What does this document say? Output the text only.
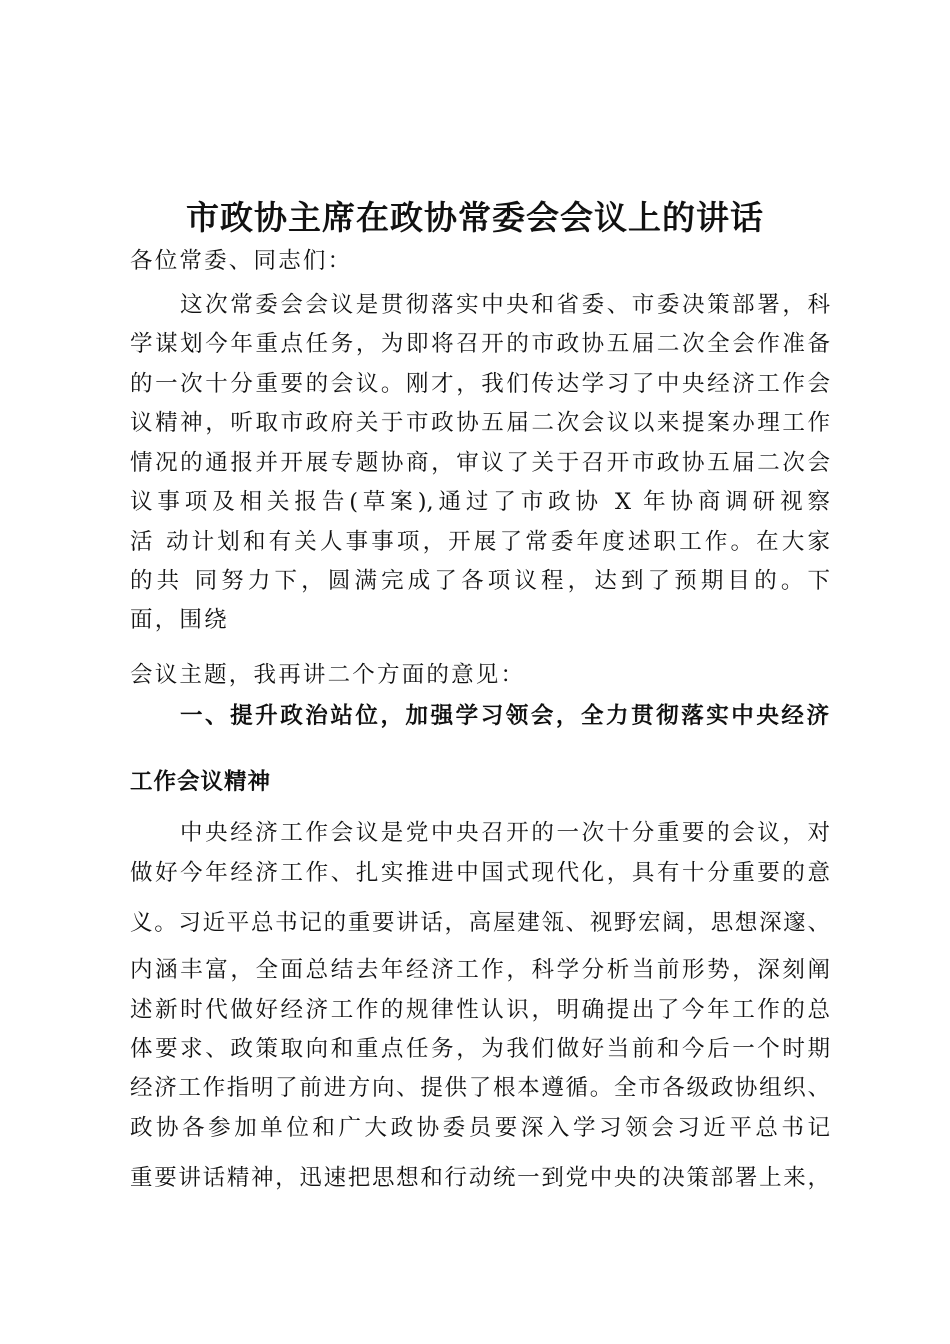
市政协主席在政协常委会会议上的讲话
各位常委、同志们：
这次常委会会议是贯彻落实中央和省委、市委决策部署，科
学谋划今年重点任务，为即将召开的市政协五届二次全会作准备
的一次十分重要的会议。刚才，我们传达学习了中央经济工作会
议精神，听取市政府关于市政协五届二次会议以来提案办理工作
情况的通报并开展专题协商，审议了关于召开市政协五届二次会
议事项及相关报告(草案),通过了市政协 X 年协商调研视察
活 动计划和有关人事事项，开展了常委年度述职工作。在大家
的共 同努力下，圆满完成了各项议程，达到了预期目的。下
面，围绕
会议主题，我再讲二个方面的意见：
一、提升政治站位，加强学习领会，全力贯彻落实中央经济
工作会议精神
中央经济工作会议是党中央召开的一次十分重要的会议，对
做好今年经济工作、扎实推进中国式现代化，具有十分重要的意
义。习近平总书记的重要讲话，高屋建瓴、视野宏阔，思想深邃、
内涵丰富，全面总结去年经济工作，科学分析当前形势，深刻阐
述新时代做好经济工作的规律性认识，明确提出了今年工作的总
体要求、政策取向和重点任务，为我们做好当前和今后一个时期
经济工作指明了前进方向、提供了根本遵循。全市各级政协组织、
政协各参加单位和广大政协委员要深入学习领会习近平总书记
重要讲话精神，迅速把思想和行动统一到党中央的决策部署上来，
